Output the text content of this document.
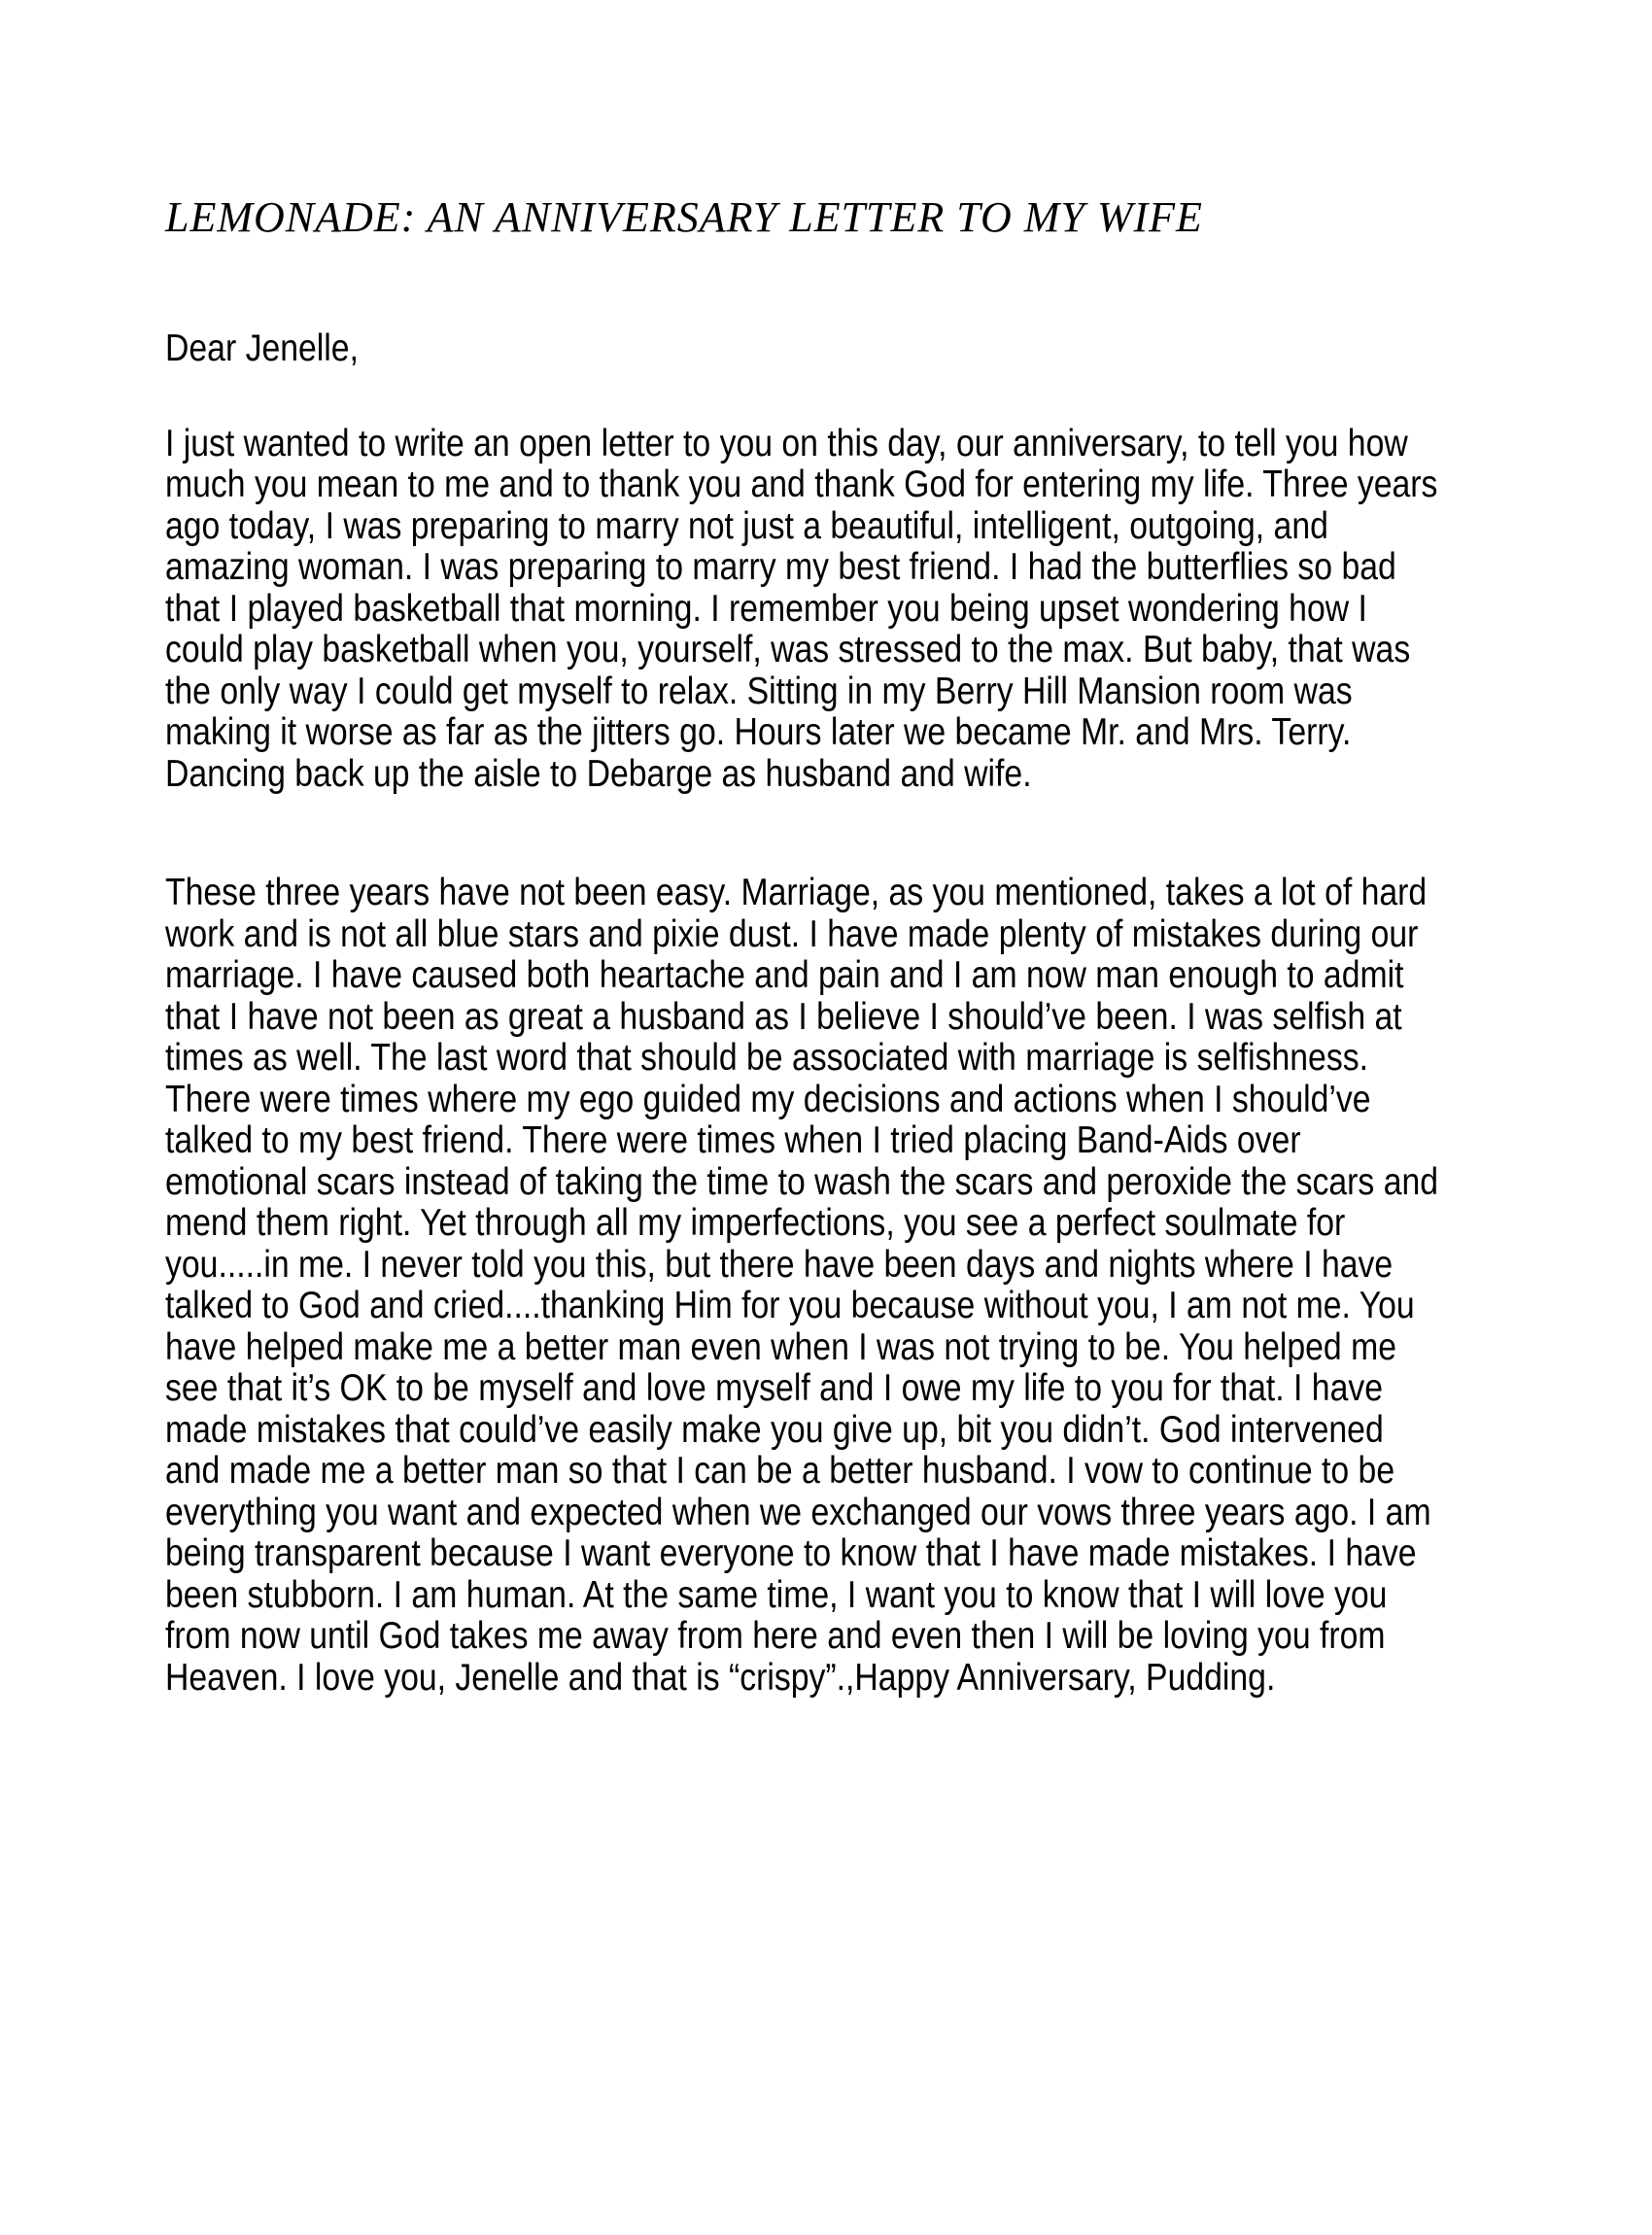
LEMONADE: AN ANNIVERSARY LETTER TO MY WIFE
Dear Jenelle,

I just wanted to write an open letter to you on this day, our anniversary, to tell you how much you mean to me and to thank you and thank God for entering my life. Three years ago today, I was preparing to marry not just a beautiful, intelligent, outgoing, and amazing woman. I was preparing to marry my best friend. I had the butterflies so bad that I played basketball that morning. I remember you being upset wondering how I could play basketball when you, yourself, was stressed to the max. But baby, that was the only way I could get myself to relax. Sitting in my Berry Hill Mansion room was making it worse as far as the jitters go. Hours later we became Mr. and Mrs. Terry. Dancing back up the aisle to Debarge as husband and wife.

These three years have not been easy. Marriage, as you mentioned, takes a lot of hard work and is not all blue stars and pixie dust. I have made plenty of mistakes during our marriage. I have caused both heartache and pain and I am now man enough to admit that I have not been as great a husband as I believe I should’ve been. I was selfish at times as well. The last word that should be associated with marriage is selfishness. There were times where my ego guided my decisions and actions when I should’ve talked to my best friend. There were times when I tried placing Band-Aids over emotional scars instead of taking the time to wash the scars and peroxide the scars and mend them right. Yet through all my imperfections, you see a perfect soulmate for you.....in me. I never told you this, but there have been days and nights where I have talked to God and cried....thanking Him for you because without you, I am not me. You have helped make me a better man even when I was not trying to be. You helped me see that it’s OK to be myself and love myself and I owe my life to you for that. I have made mistakes that could’ve easily make you give up, bit you didn’t. God intervened and made me a better man so that I can be a better husband. I vow to continue to be everything you want and expected when we exchanged our vows three years ago. I am being transparent because I want everyone to know that I have made mistakes. I have been stubborn. I am human. At the same time, I want you to know that I will love you from now until God takes me away from here and even then I will be loving you from Heaven. I love you, Jenelle and that is “crispy”.,Happy Anniversary, Pudding.
